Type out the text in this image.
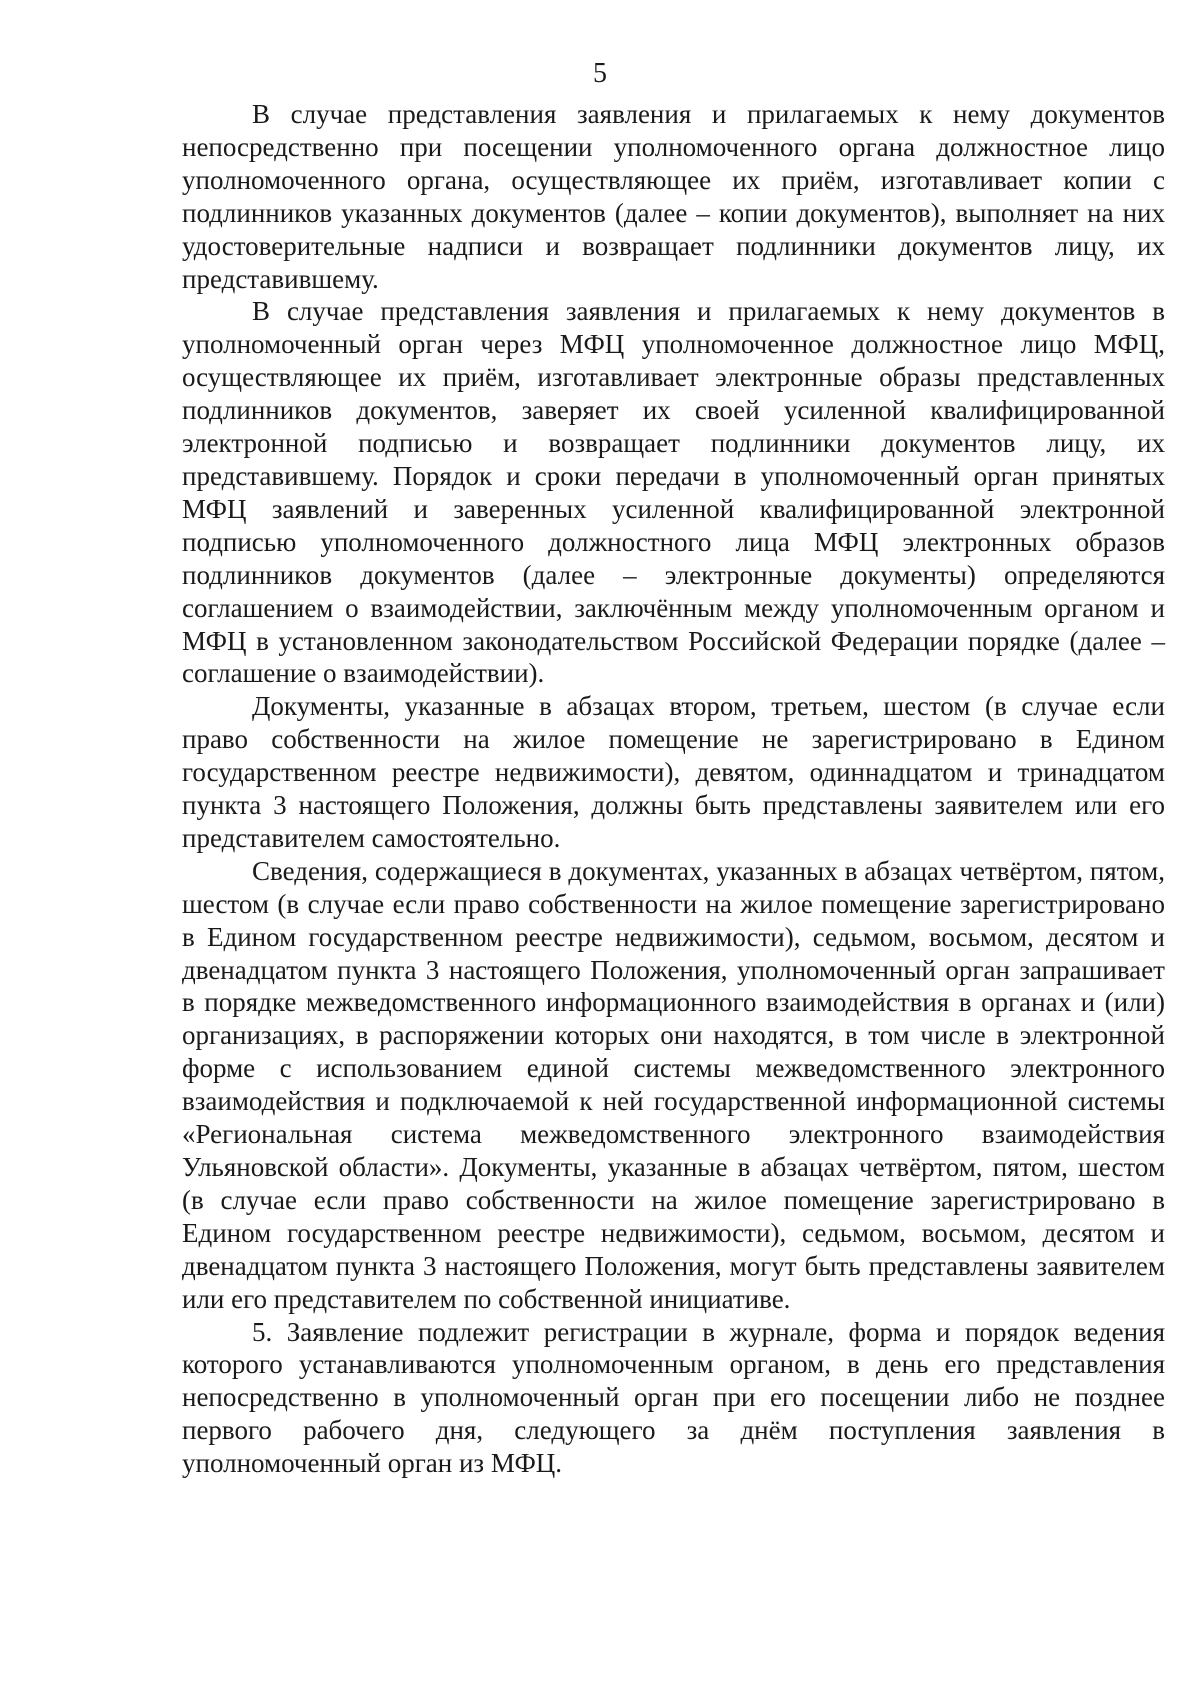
5

В случае представления заявления и прилагаемых к нему документов непосредственно при посещении уполномоченного органа должностное лицо уполномоченного органа, осуществляющее их приём, изготавливает копии с подлинников указанных документов (далее – копии документов), выполняет на них удостоверительные надписи и возвращает подлинники документов лицу, их представившему.

В случае представления заявления и прилагаемых к нему документов в уполномоченный орган через МФЦ уполномоченное должностное лицо МФЦ, осуществляющее их приём, изготавливает электронные образы представленных подлинников документов, заверяет их своей усиленной квалифицированной электронной подписью и возвращает подлинники документов лицу, их представившему. Порядок и сроки передачи в уполномоченный орган принятых МФЦ заявлений и заверенных усиленной квалифицированной электронной подписью уполномоченного должностного лица МФЦ электронных образов подлинников документов (далее – электронные документы) определяются соглашением о взаимодействии, заключённым между уполномоченным органом и МФЦ в установленном законодательством Российской Федерации порядке (далее – соглашение о взаимодействии).

Документы, указанные в абзацах втором, третьем, шестом (в случае если право собственности на жилое помещение не зарегистрировано в Едином государственном реестре недвижимости), девятом, одиннадцатом и тринадцатом пункта 3 настоящего Положения, должны быть представлены заявителем или его представителем самостоятельно.

Сведения, содержащиеся в документах, указанных в абзацах четвёртом, пятом, шестом (в случае если право собственности на жилое помещение зарегистрировано в Едином государственном реестре недвижимости), седьмом, восьмом, десятом и двенадцатом пункта 3 настоящего Положения, уполномоченный орган запрашивает в порядке межведомственного информационного взаимодействия в органах и (или) организациях, в распоряжении которых они находятся, в том числе в электронной форме с использованием единой системы межведомственного электронного взаимодействия и подключаемой к ней государственной информационной системы «Региональная система межведомственного электронного взаимодействия Ульяновской области». Документы, указанные в абзацах четвёртом, пятом, шестом (в случае если право собственности на жилое помещение зарегистрировано в Едином государственном реестре недвижимости), седьмом, восьмом, десятом и двенадцатом пункта 3 настоящего Положения, могут быть представлены заявителем или его представителем по собственной инициативе.

5. Заявление подлежит регистрации в журнале, форма и порядок ведения которого устанавливаются уполномоченным органом, в день его представления непосредственно в уполномоченный орган при его посещении либо не позднее первого рабочего дня, следующего за днём поступления заявления в уполномоченный орган из МФЦ.
